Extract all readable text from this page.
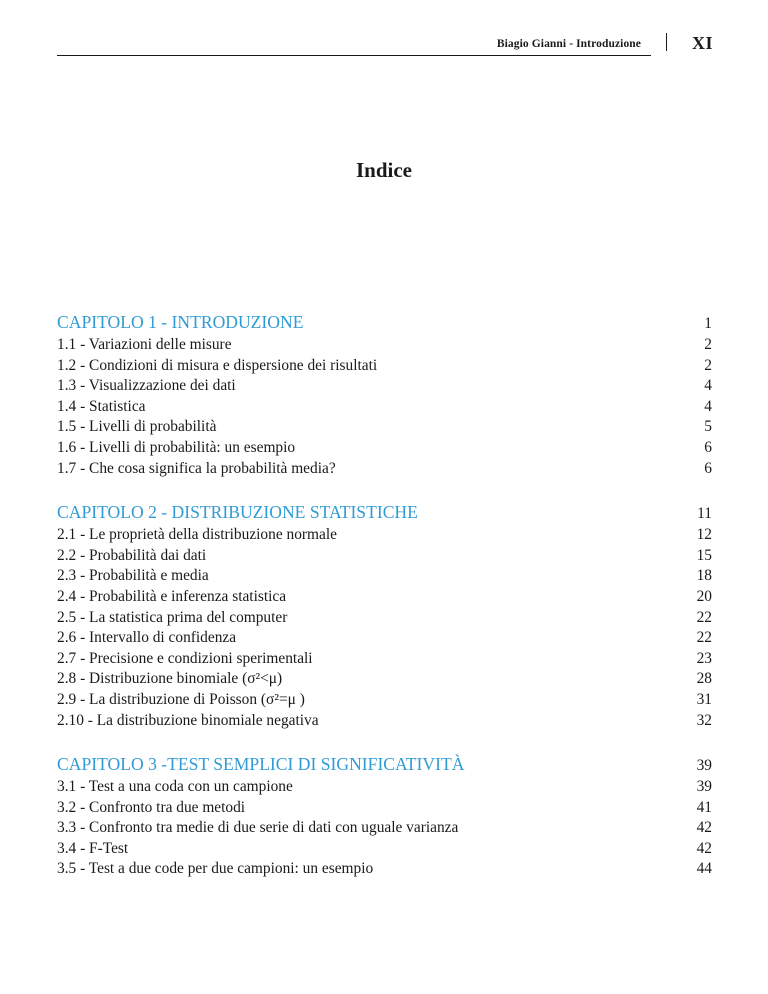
Biagio Gianni - Introduzione	XI
Indice
CAPITOLO 1 - INTRODUZIONE	1
1.1 - Variazioni delle misure	2
1.2 - Condizioni di misura e dispersione dei risultati	2
1.3 - Visualizzazione dei dati	4
1.4 - Statistica	4
1.5 - Livelli di probabilità	5
1.6 - Livelli di probabilità: un esempio	6
1.7 - Che cosa significa la probabilità media?	6
CAPITOLO 2 - DISTRIBUZIONE STATISTICHE	11
2.1 - Le proprietà della distribuzione normale	12
2.2 - Probabilità dai dati	15
2.3 - Probabilità e media	18
2.4 - Probabilità e inferenza statistica	20
2.5 - La statistica prima del computer	22
2.6 - Intervallo di confidenza	22
2.7 - Precisione e condizioni sperimentali	23
2.8 - Distribuzione binomiale (σ²<μ)	28
2.9 - La distribuzione di Poisson (σ²=μ )	31
2.10 - La distribuzione binomiale negativa	32
CAPITOLO 3 -TEST SEMPLICI DI SIGNIFICATIVITÀ	39
3.1 - Test a una coda con un campione	39
3.2 - Confronto tra due metodi	41
3.3 - Confronto tra medie di due serie di dati con uguale varianza	42
3.4 - F-Test	42
3.5 - Test a due code per due campioni: un esempio	44
